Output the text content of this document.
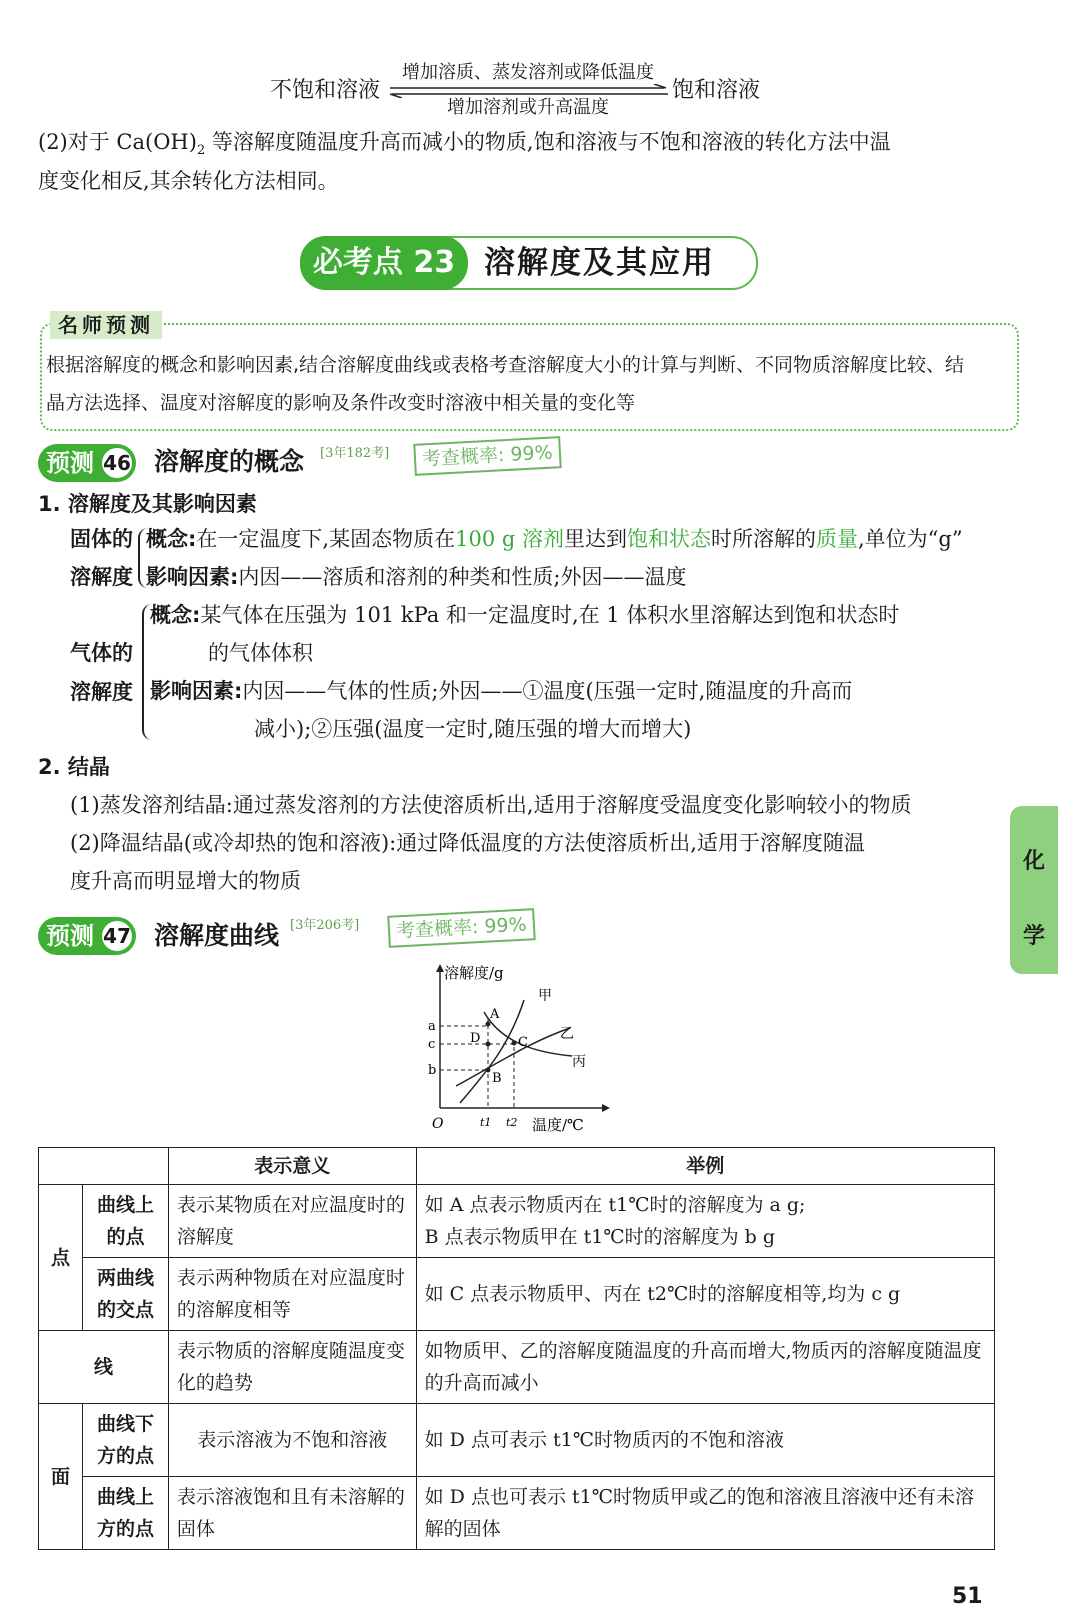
不饱和溶液
增加溶质、蒸发溶剂或降低温度
增加溶剂或升高温度
饱和溶液
(2)对于 $Ca(OH)_2$ 等溶解度随温度升高而减小的物质,饱和溶液与不饱和溶液的转化方法中温
度变化相反,其余转化方法相同。
必考点 23 溶解度及其应用
名师预测
根据溶解度的概念和影响因素,结合溶解度曲线或表格考查溶解度大小的计算与判断、不同物质溶解度比较、结
晶方法选择、温度对溶解度的影响及条件改变时溶液中相关量的变化等
预测 46 溶解度的概念 [3年182考]	考查概率: 99%
1. 溶解度及其影响因素
固体的
溶解度
概念:在一定温度下,某固态物质在100 g 溶剂里达到饱和状态时所溶解的质量,单位为“g”
影响因素:内因——溶质和溶剂的种类和性质;外因——温度
气体的
溶解度
概念:某气体在压强为 101 kPa 和一定温度时,在 1 体积水里溶解达到饱和状态时
的气体体积
影响因素:内因——气体的性质;外因——①温度(压强一定时,随温度的升高而
减小);②压强(温度一定时,随压强的增大而增大)
2. 结晶
(1)蒸发溶剂结晶:通过蒸发溶剂的方法使溶质析出,适用于溶解度受温度变化影响较小的物质
(2)降温结晶(或冷却热的饱和溶液):通过降低温度的方法使溶质析出,适用于溶解度随温
度升高而明显增大的物质
化
学
预测 47 溶解度曲线 [3年206考]	考查概率: 99%
溶解度/g
温度/℃
O
a
c
b
t1 t2
甲
乙
丙
A
B
C
D
		表示意义	举例
点	曲线上的点	表示某物质在对应温度时的溶解度	如 A 点表示物质丙在 t1℃时的溶解度为 a g;
B 点表示物质甲在 t1℃时的溶解度为 b g

	两曲线的交点	表示两种物质在对应温度时的溶解度相等	如 C 点表示物质甲、丙在 t2℃时的溶解度相等,均为 c g
线		表示物质的溶解度随温度变化的趋势	如物质甲、乙的溶解度随温度的升高而增大,物质丙的溶解度随温度的升高而减小
面	曲线下方的点	表示溶液为不饱和溶液	如 D 点可表示 t1℃时物质丙的不饱和溶液
	曲线上方的点	表示溶液饱和且有未溶解的固体	如 D 点也可表示 t1℃时物质甲或乙的饱和溶液且溶液中还有未溶解的固体
51
